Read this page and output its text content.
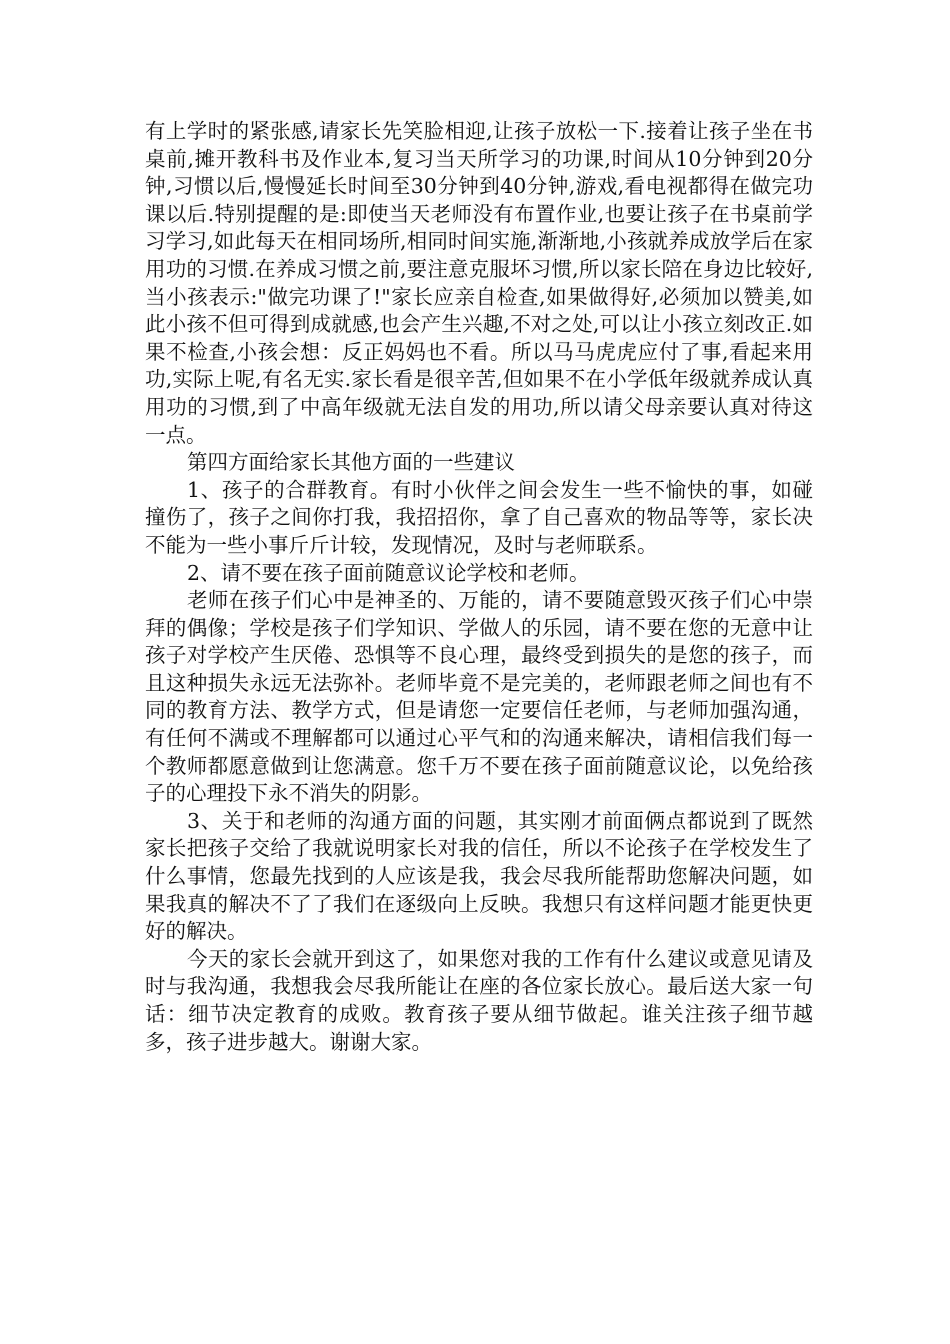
有上学时的紧张感,请家长先笑脸相迎,让孩子放松一下.接着让孩子坐在书桌前,摊开教科书及作业本,复习当天所学习的功课,时间从10分钟到20分钟,习惯以后,慢慢延长时间至30分钟到40分钟,游戏,看电视都得在做完功课以后.特别提醒的是:即使当天老师没有布置作业,也要让孩子在书桌前学习学习,如此每天在相同场所,相同时间实施,渐渐地,小孩就养成放学后在家用功的习惯.在养成习惯之前,要注意克服坏习惯,所以家长陪在身边比较好,当小孩表示:"做完功课了!"家长应亲自检查,如果做得好,必须加以赞美,如此小孩不但可得到成就感,也会产生兴趣,不对之处,可以让小孩立刻改正.如果不检查,小孩会想：反正妈妈也不看。所以马马虎虎应付了事,看起来用功,实际上呢,有名无实.家长看是很辛苦,但如果不在小学低年级就养成认真用功的习惯,到了中高年级就无法自发的用功,所以请父母亲要认真对待这一点。

第四方面给家长其他方面的一些建议

1、孩子的合群教育。有时小伙伴之间会发生一些不愉快的事，如碰撞伤了，孩子之间你打我，我招招你，拿了自己喜欢的物品等等，家长决不能为一些小事斤斤计较，发现情况，及时与老师联系。

2、请不要在孩子面前随意议论学校和老师。

老师在孩子们心中是神圣的、万能的，请不要随意毁灭孩子们心中崇拜的偶像；学校是孩子们学知识、学做人的乐园，请不要在您的无意中让孩子对学校产生厌倦、恐惧等不良心理，最终受到损失的是您的孩子，而且这种损失永远无法弥补。老师毕竟不是完美的，老师跟老师之间也有不同的教育方法、教学方式，但是请您一定要信任老师，与老师加强沟通，有任何不满或不理解都可以通过心平气和的沟通来解决，请相信我们每一个教师都愿意做到让您满意。您千万不要在孩子面前随意议论，以免给孩子的心理投下永不消失的阴影。

3、关于和老师的沟通方面的问题，其实刚才前面俩点都说到了既然家长把孩子交给了我就说明家长对我的信任，所以不论孩子在学校发生了什么事情，您最先找到的人应该是我，我会尽我所能帮助您解决问题，如果我真的解决不了了我们在逐级向上反映。我想只有这样问题才能更快更好的解决。

今天的家长会就开到这了，如果您对我的工作有什么建议或意见请及时与我沟通，我想我会尽我所能让在座的各位家长放心。最后送大家一句话：细节决定教育的成败。教育孩子要从细节做起。谁关注孩子细节越多，孩子进步越大。谢谢大家。
